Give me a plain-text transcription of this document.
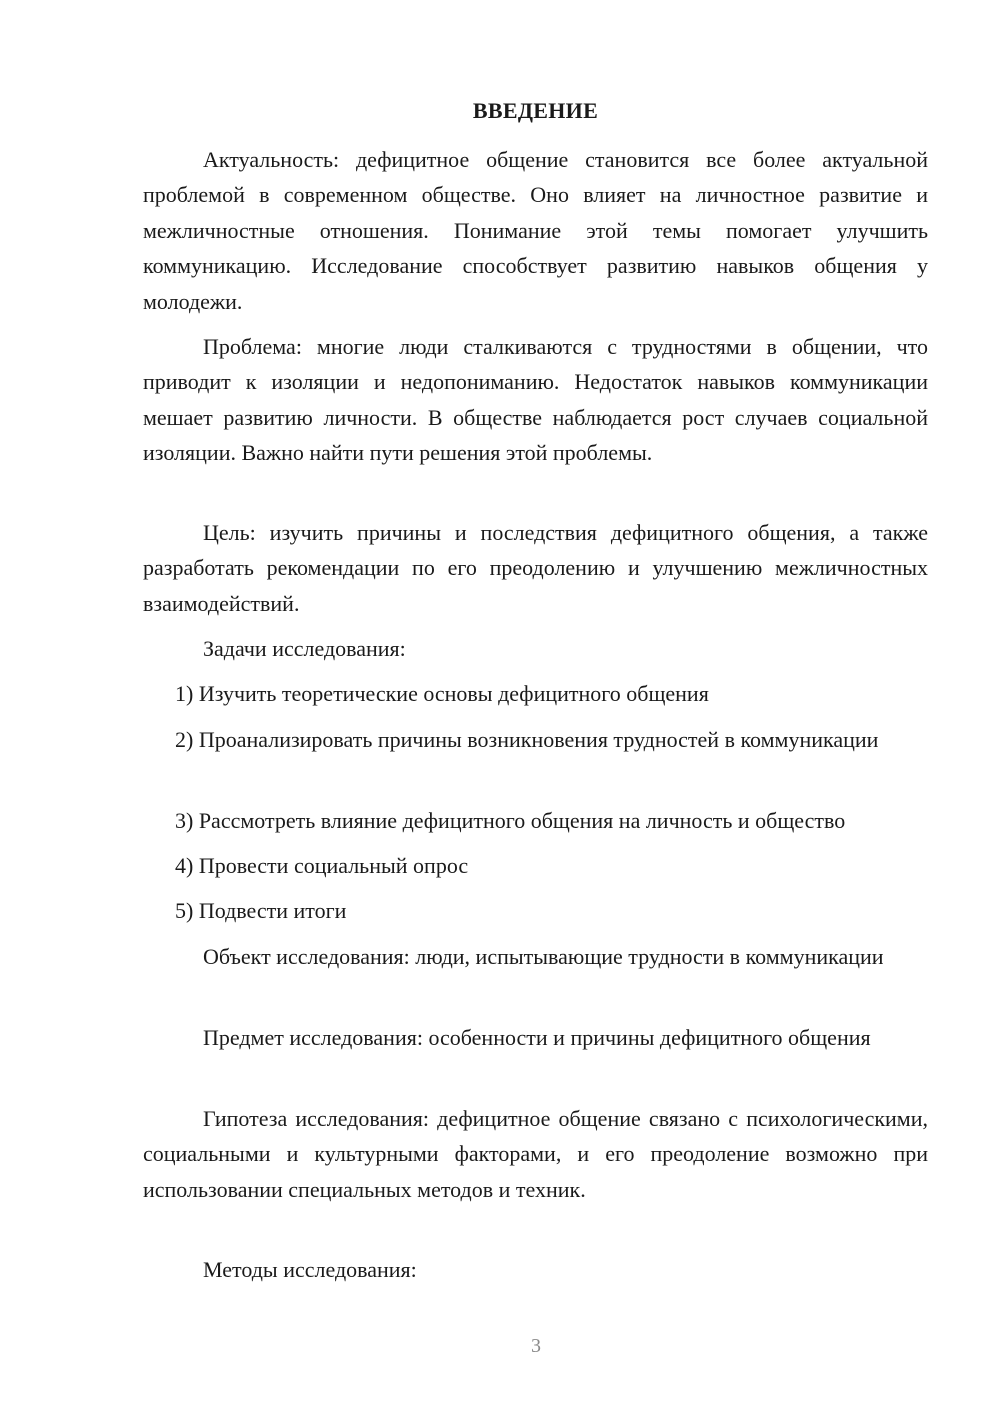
ВВЕДЕНИЕ

Актуальность: дефицитное общение становится все более актуальной проблемой в современном обществе. Оно влияет на личностное развитие и межличностные отношения. Понимание этой темы помогает улучшить коммуникацию. Исследование способствует развитию навыков общения у молодежи.

Проблема: многие люди сталкиваются с трудностями в общении, что приводит к изоляции и недопониманию. Недостаток навыков коммуникации мешает развитию личности. В обществе наблюдается рост случаев социальной изоляции. Важно найти пути решения этой проблемы.

Цель: изучить причины и последствия дефицитного общения, а также разработать рекомендации по его преодолению и улучшению межличностных взаимодействий.

Задачи исследования:

1) Изучить теоретические основы дефицитного общения

2) Проанализировать причины возникновения трудностей в коммуникации

3) Рассмотреть влияние дефицитного общения на личность и общество

4) Провести социальный опрос

5) Подвести итоги

Объект исследования: люди, испытывающие трудности в коммуникации

Предмет исследования: особенности и причины дефицитного общения

Гипотеза исследования: дефицитное общение связано с психологическими, социальными и культурными факторами, и его преодоление возможно при использовании специальных методов и техник.

Методы исследования:

3
